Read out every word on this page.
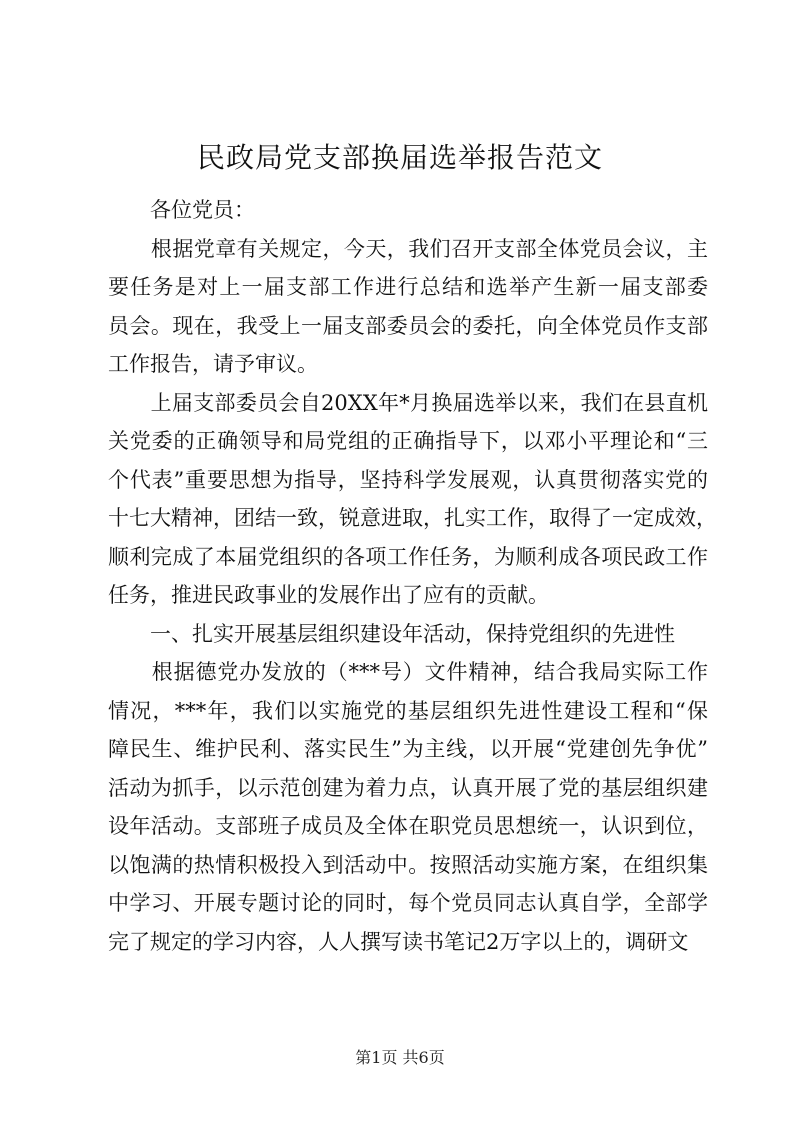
民政局党支部换届选举报告范文
　　各位党员：
　　根据党章有关规定，今天，我们召开支部全体党员会议，主
要任务是对上一届支部工作进行总结和选举产生新一届支部委
员会。现在，我受上一届支部委员会的委托，向全体党员作支部
工作报告，请予审议。
　　上届支部委员会自20XX年*月换届选举以来，我们在县直机
关党委的正确领导和局党组的正确指导下，以邓小平理论和“三
个代表”重要思想为指导，坚持科学发展观，认真贯彻落实党的
十七大精神，团结一致，锐意进取，扎实工作，取得了一定成效，
顺利完成了本届党组织的各项工作任务，为顺利成各项民政工作
任务，推进民政事业的发展作出了应有的贡献。
　　一、扎实开展基层组织建设年活动，保持党组织的先进性
　　根据德党办发放的（***号）文件精神，结合我局实际工作
情况，***年，我们以实施党的基层组织先进性建设工程和“保
障民生、维护民利、落实民生”为主线，以开展“党建创先争优”
活动为抓手，以示范创建为着力点，认真开展了党的基层组织建
设年活动。支部班子成员及全体在职党员思想统一，认识到位，
以饱满的热情积极投入到活动中。按照活动实施方案，在组织集
中学习、开展专题讨论的同时，每个党员同志认真自学，全部学
完了规定的学习内容，人人撰写读书笔记2万字以上的，调研文
第1页 共6页
